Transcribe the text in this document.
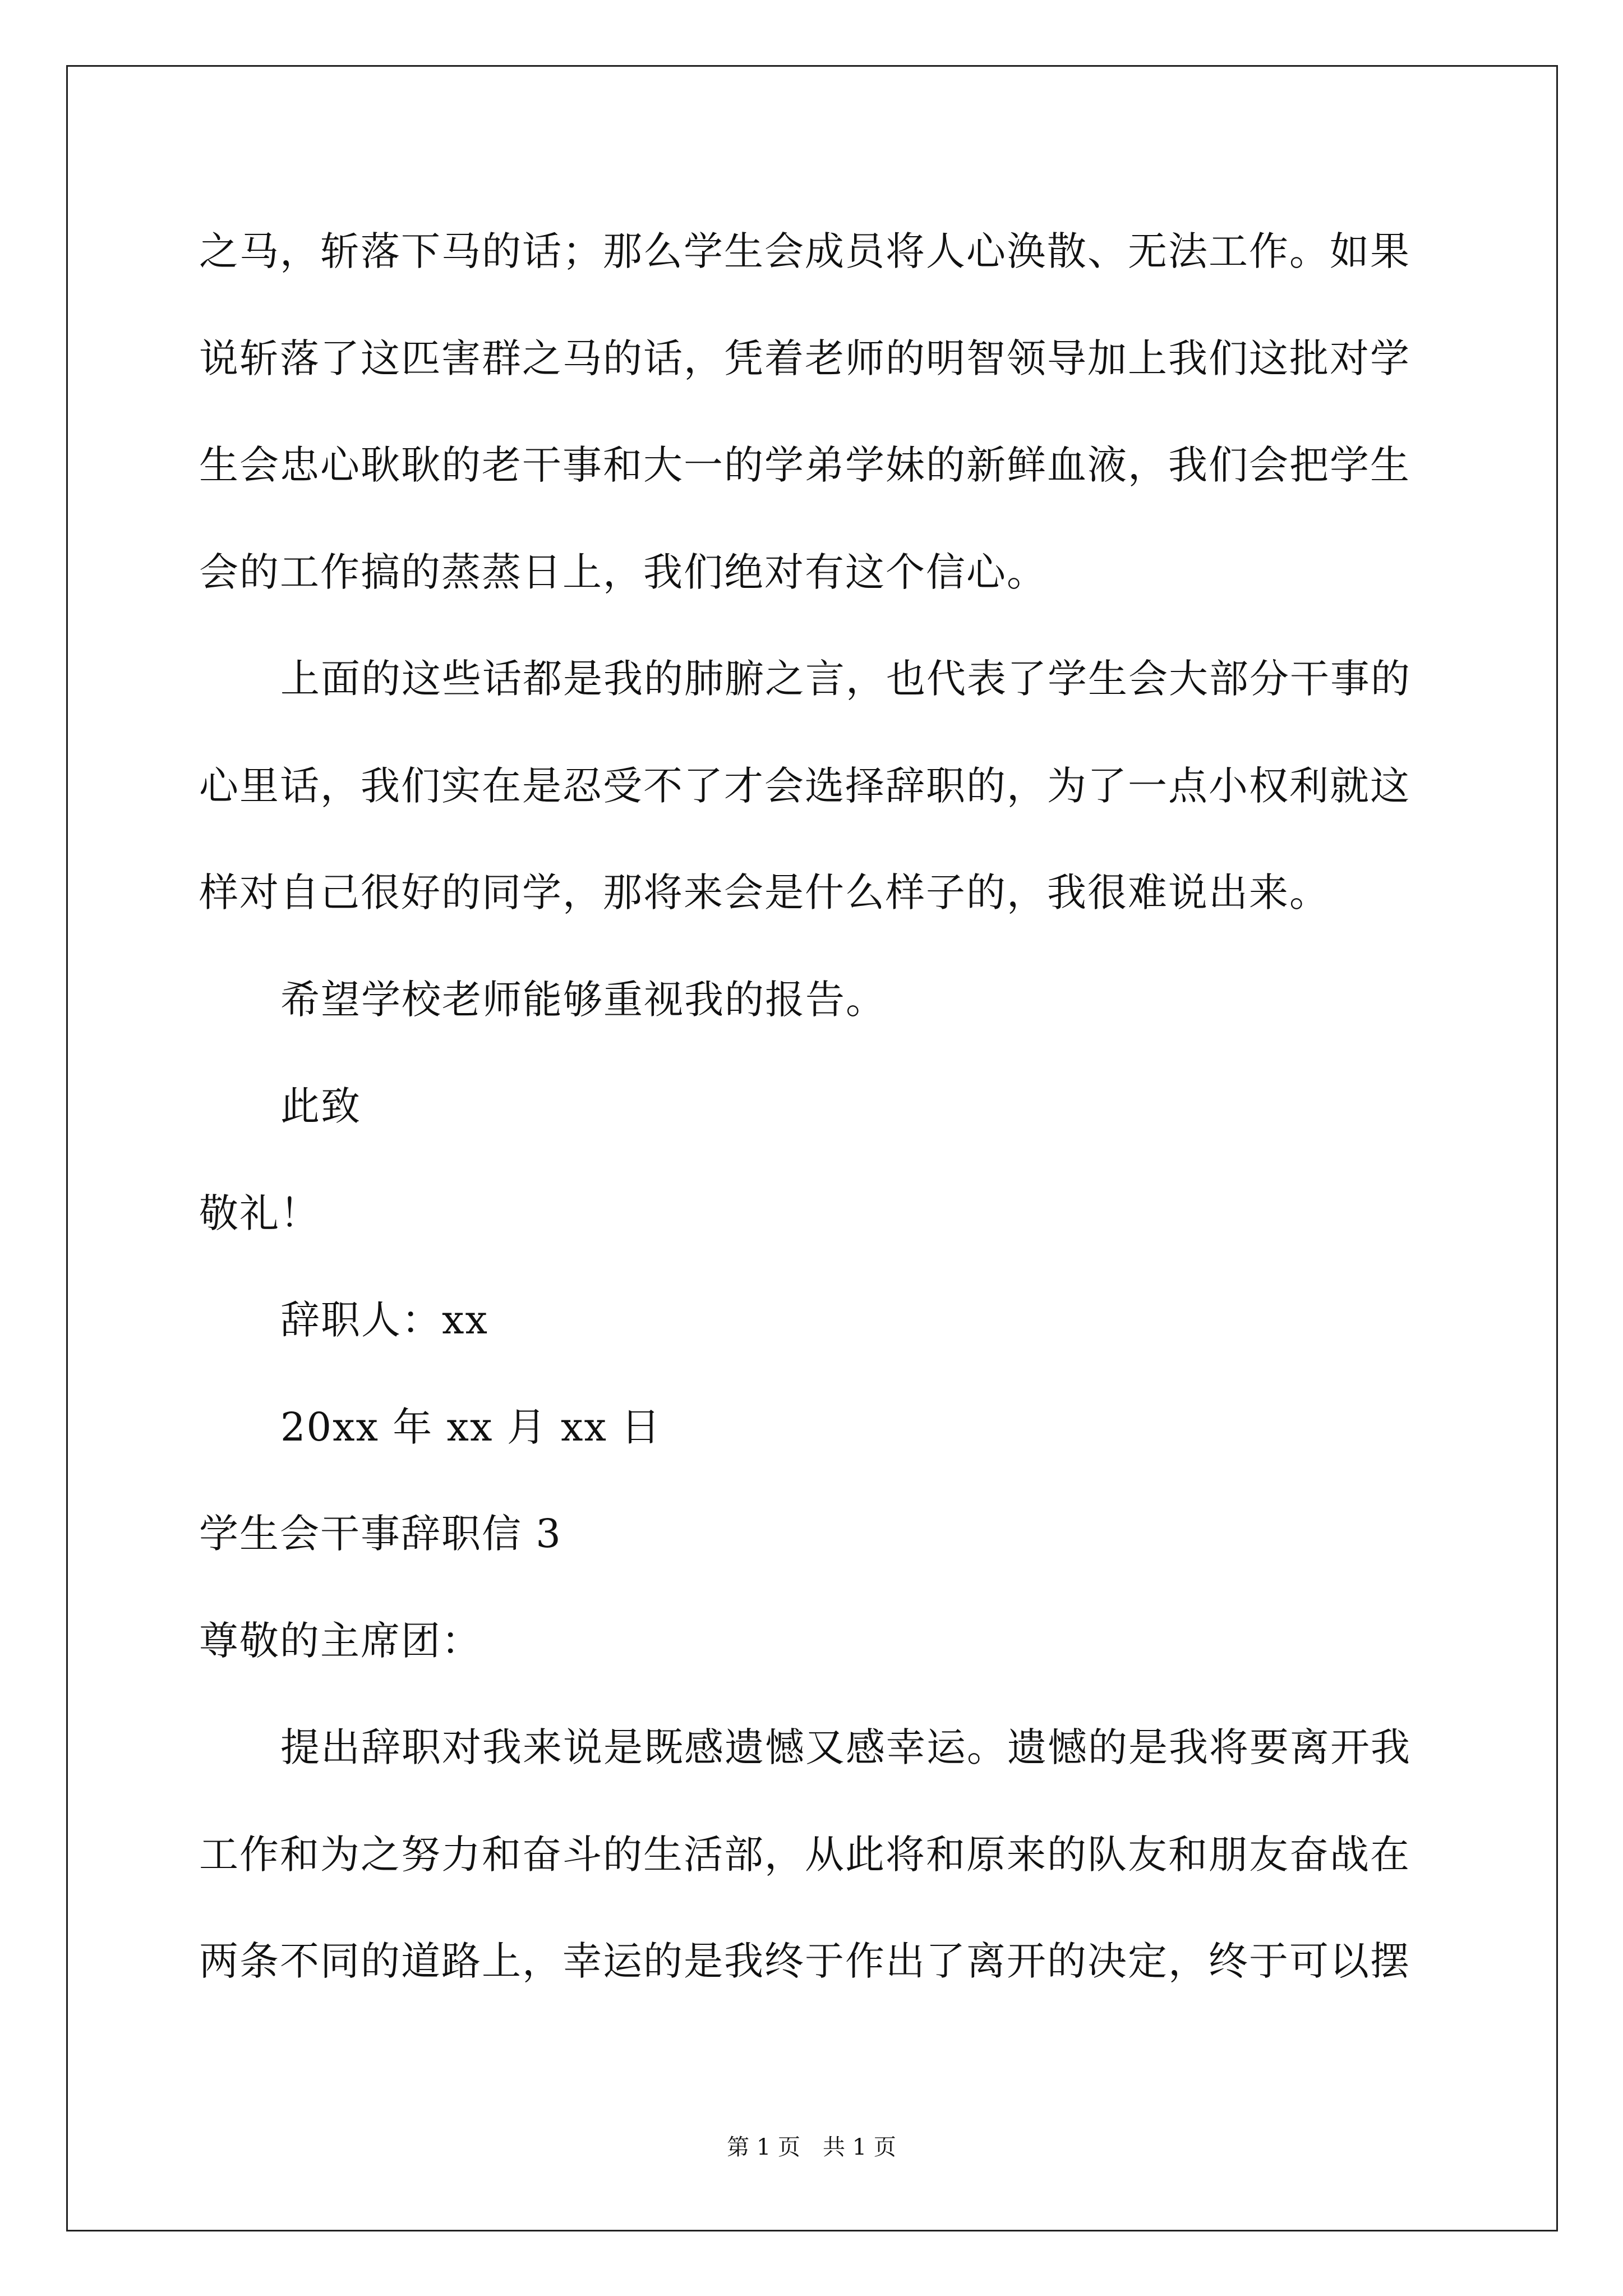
之马，斩落下马的话；那么学生会成员将人心涣散、无法工作。如果
说斩落了这匹害群之马的话，凭着老师的明智领导加上我们这批对学
生会忠心耿耿的老干事和大一的学弟学妹的新鲜血液，我们会把学生
会的工作搞的蒸蒸日上，我们绝对有这个信心。
上面的这些话都是我的肺腑之言，也代表了学生会大部分干事的
心里话，我们实在是忍受不了才会选择辞职的，为了一点小权利就这
样对自己很好的同学，那将来会是什么样子的，我很难说出来。
希望学校老师能够重视我的报告。
此致
敬礼！
辞职人：xx
20xx 年 xx 月 xx 日
学生会干事辞职信 3
尊敬的主席团：
提出辞职对我来说是既感遗憾又感幸运。遗憾的是我将要离开我
工作和为之努力和奋斗的生活部，从此将和原来的队友和朋友奋战在
两条不同的道路上，幸运的是我终于作出了离开的决定，终于可以摆
第 1 页　共 1 页
